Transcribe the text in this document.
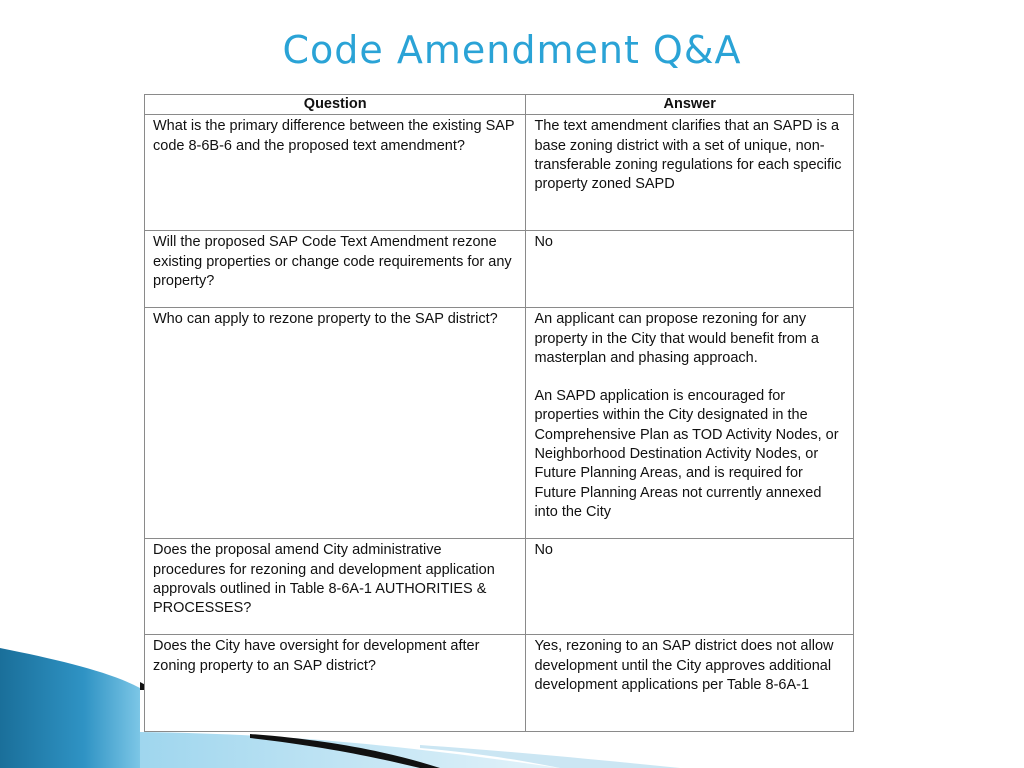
Code Amendment Q&A
Question	Answer
What is the primary difference between the existing SAP code 8-6B-6 and the proposed text amendment?	The text amendment clarifies that an SAPD is a base zoning district with a set of unique, non-transferable zoning regulations for each specific property zoned SAPD

Will the proposed SAP Code Text Amendment rezone existing properties or change code requirements for any property?	No

Who can apply to rezone property to the SAP district?	An applicant can propose rezoning for any property in the City that would benefit from a masterplan and phasing approach.
An SAPD application is encouraged for properties within the City designated in the Comprehensive Plan as TOD Activity Nodes, or Neighborhood Destination Activity Nodes, or Future Planning Areas, and is required for Future Planning Areas not currently annexed into the City

Does the proposal amend City administrative procedures for rezoning and development application approvals outlined in Table 8-6A-1 AUTHORITIES & PROCESSES?	No

Does the City have oversight for development after zoning property to an SAP district?	Yes, rezoning to an SAP district does not allow development until the City approves additional development applications per Table 8-6A-1
